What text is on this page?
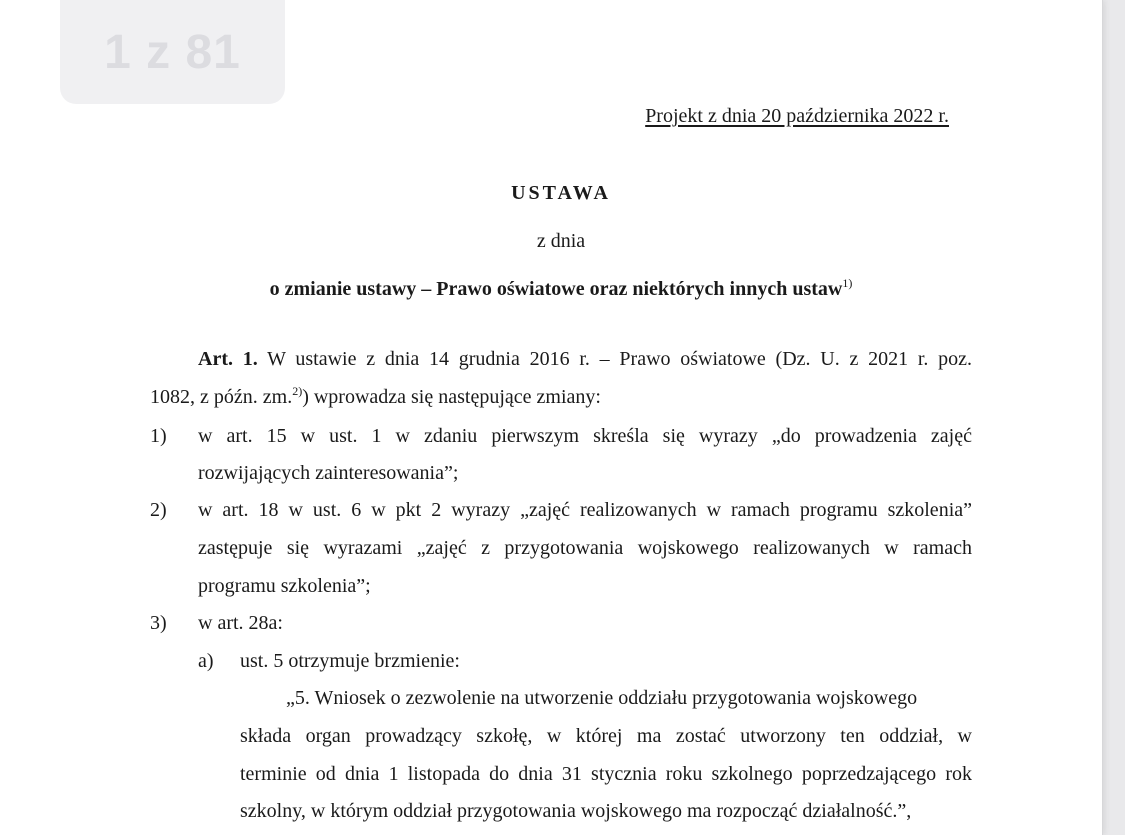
1 z 81
Projekt z dnia 20 października 2022 r.
USTAWA
z dnia
o zmianie ustawy – Prawo oświatowe oraz niektórych innych ustaw$^{1)}$
Art. 1. W ustawie z dnia 14 grudnia 2016 r. – Prawo oświatowe (Dz. U. z 2021 r. poz.
1082, z późn. zm.$^{2)}$) wprowadza się następujące zmiany:
1) w art. 15 w ust. 1 w zdaniu pierwszym skreśla się wyrazy „do prowadzenia zajęć
rozwijających zainteresowania”;
2) w art. 18 w ust. 6 w pkt 2 wyrazy „zajęć realizowanych w ramach programu szkolenia”
zastępuje się wyrazami „zajęć z przygotowania wojskowego realizowanych w ramach
programu szkolenia”;
3) w art. 28a:
a) ust. 5 otrzymuje brzmienie:
„5. Wniosek o zezwolenie na utworzenie oddziału przygotowania wojskowego
składa organ prowadzący szkołę, w której ma zostać utworzony ten oddział, w
terminie od dnia 1 listopada do dnia 31 stycznia roku szkolnego poprzedzającego rok
szkolny, w którym oddział przygotowania wojskowego ma rozpocząć działalność.”,
